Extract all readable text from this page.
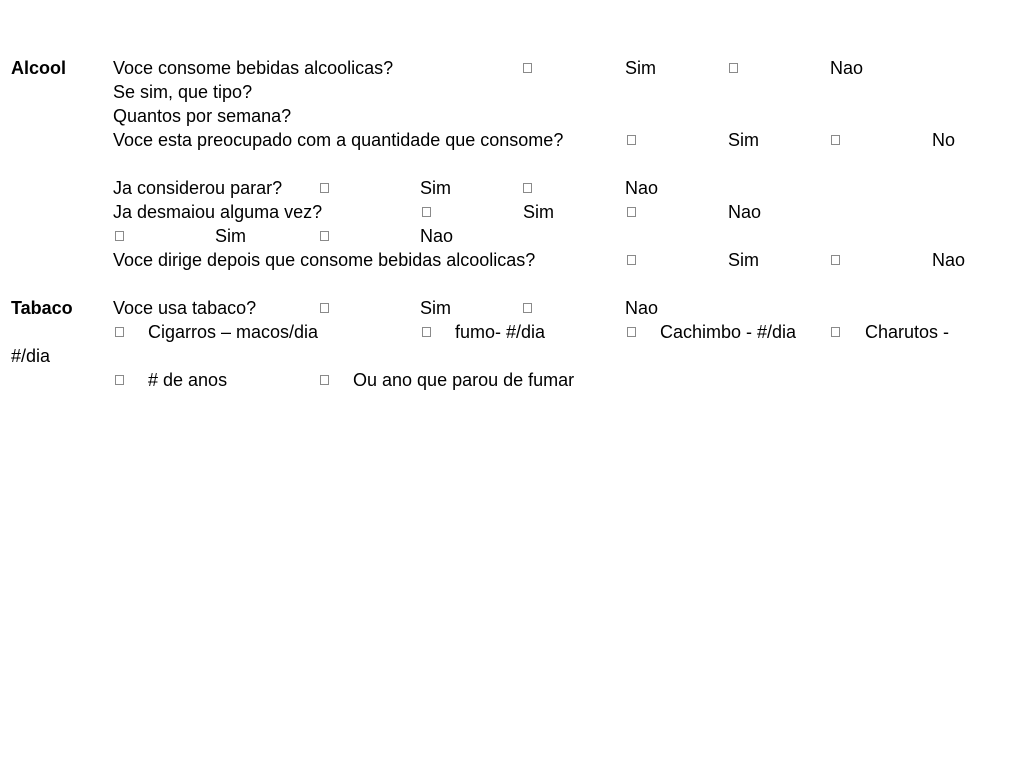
Alcool	Voce consome bebidas alcoolicas?	Sim	Nao
Se sim, que tipo?
Quantos por semana?
Voce esta preocupado com a quantidade que consome?	Sim	No
Ja considerou parar?	Sim	Nao
Ja desmaiou alguma vez?	Sim	Nao
Sim	Nao
Voce dirige depois que consome bebidas alcoolicas?	Sim	Nao
Tabaco Voce usa tabaco?	Sim	Nao
Cigarros – macos/dia	fumo- #/dia	Cachimbo - #/dia	Charutos -
#/dia
# de anos	Ou ano que parou de fumar
